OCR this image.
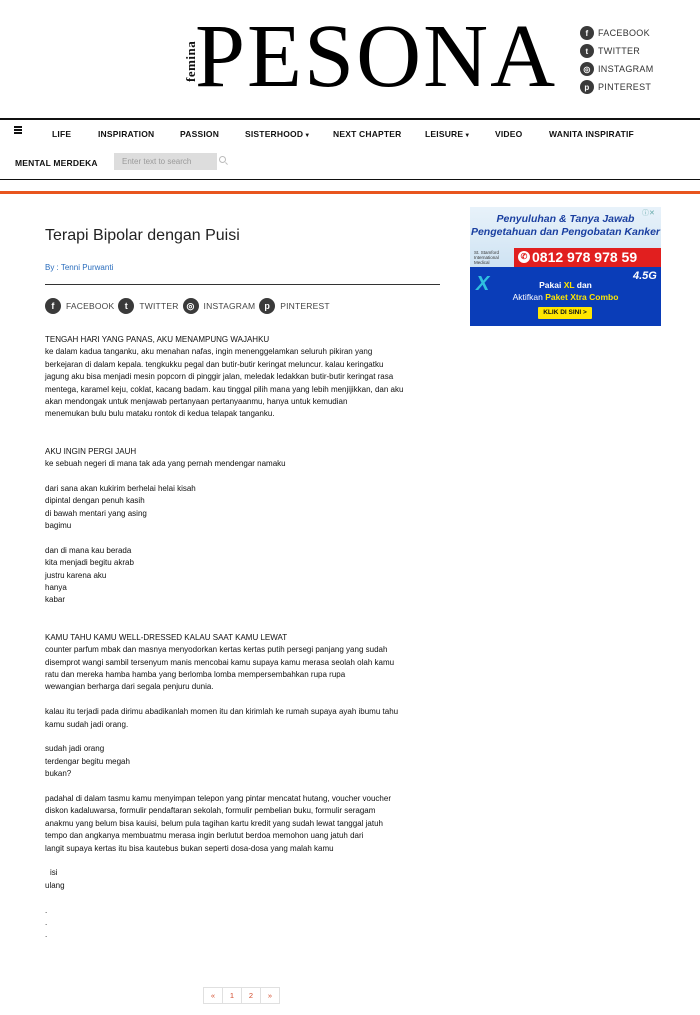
femina
PESONA	f	FACEBOOK
t	TWITTER
◎ INSTAGRAM
p PINTEREST
LIFE	INSPIRATION	PASSION	SISTERHOOD▼	NEXT CHAPTER	LEISURE▼	VIDEO	WANITA INSPIRATIF
MENTAL MERDEKA
Enter text to search
Terapi Bipolar dengan Puisi
By : Tenni Purwanti
f	FACEBOOK	t	TWITTER ◎	INSTAGRAM	p	PINTEREST

TENGAH HARI YANG PANAS, AKU MENAMPUNG WAJAHKU

ke dalam kadua tanganku, aku menahan nafas, ingin menenggelamkan seluruh pikiran yang

berkejaran di dalam kepala. tengkukku pegal dan butir-butir keringat meluncur. kalau keringatku

jagung aku bisa menjadi mesin popcorn di pinggir jalan, meledak ledakkan butir-butir keringat rasa

mentega, karamel keju, coklat, kacang badam. kau tinggal pilih mana yang lebih menjijikkan, dan aku

akan mendongak untuk menjawab pertanyaan pertanyaanmu, hanya untuk kemudian

menemukan bulu bulu mataku rontok di kedua telapak tanganku.

AKU INGIN PERGI JAUH

ke sebuah negeri di mana tak ada yang pernah mendengar namaku

dari sana akan kukirim berhelai helai kisah

dipintal dengan penuh kasih

di bawah mentari yang asing

bagimu

dan di mana kau berada

kita menjadi begitu akrab

justru karena aku

hanya

kabar

KAMU TAHU KAMU WELL-DRESSED KALAU SAAT KAMU LEWAT

counter parfum mbak dan masnya menyodorkan kertas kertas putih persegi panjang yang sudah

disemprot wangi sambil tersenyum manis mencobai kamu supaya kamu merasa seolah olah kamu

ratu dan mereka hamba hamba yang berlomba lomba mempersembahkan rupa rupa

wewangian berharga dari segala penjuru dunia.

kalau itu terjadi pada dirimu abadikanlah momen itu dan kirimlah ke rumah supaya ayah ibumu tahu

kamu sudah jadi orang.

sudah jadi orang

terdengar begitu megah

bukan?

padahal di dalam tasmu kamu menyimpan telepon yang pintar mencatat hutang, voucher voucher

diskon kadaluwarsa, formulir pendaftaran sekolah, formulir pembelian buku, formulir seragam

anakmu yang belum bisa kauisi, belum pula tagihan kartu kredit yang sudah lewat tanggal jatuh

tempo dan angkanya membuatmu merasa ingin berlutut berdoa memohon uang jatuh dari

langit supaya kertas itu bisa kautebus bukan seperti dosa-dosa yang malah kamu

isi

ulang

.

.

.

ⓘ✕
Penyuluhan & Tanya Jawab
Pengetahuan dan Pengobatan Kanker
St. Stamford International Medical
✆ 0812 978 978 59
X	4.5G
Pakai XL dan
Aktifkan Paket Xtra Combo
KLIK DI SINI >
«	1	2	»
